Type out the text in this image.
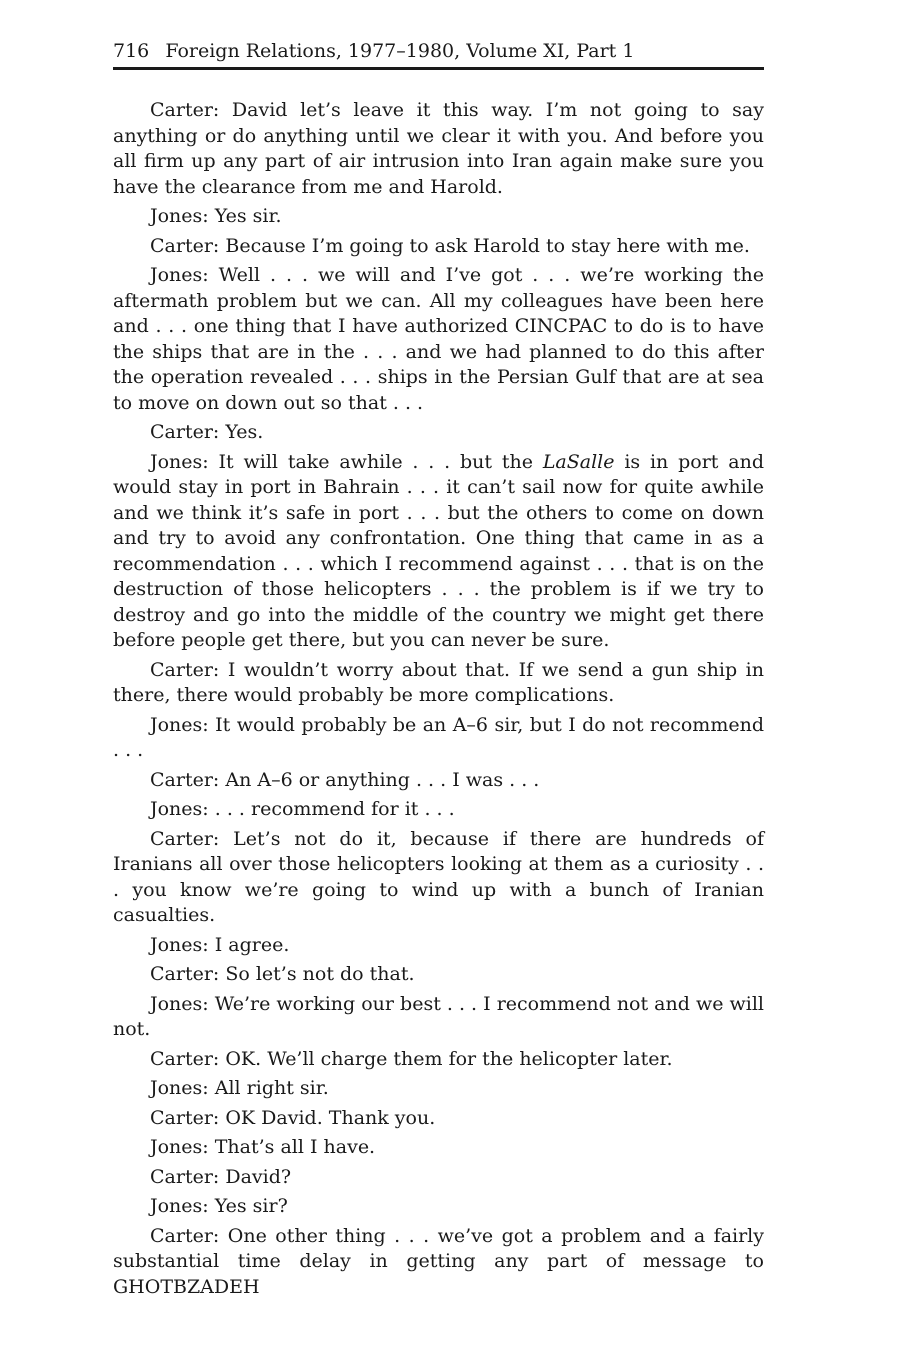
716 Foreign Relations, 1977–1980, Volume XI, Part 1

Carter: David let’s leave it this way. I’m not going to say anything or do anything until we clear it with you. And before you all firm up any part of air intrusion into Iran again make sure you have the clearance from me and Harold.

Jones: Yes sir.

Carter: Because I’m going to ask Harold to stay here with me.

Jones: Well . . . we will and I’ve got . . . we’re working the aftermath problem but we can. All my colleagues have been here and . . . one thing that I have authorized CINCPAC to do is to have the ships that are in the . . . and we had planned to do this after the operation revealed . . . ships in the Persian Gulf that are at sea to move on down out so that . . .

Carter: Yes.

Jones: It will take awhile . . . but the LaSalle is in port and would stay in port in Bahrain . . . it can’t sail now for quite awhile and we think it’s safe in port . . . but the others to come on down and try to avoid any confrontation. One thing that came in as a recommendation . . . which I recommend against . . . that is on the destruction of those helicopters . . . the problem is if we try to destroy and go into the middle of the country we might get there before people get there, but you can never be sure.

Carter: I wouldn’t worry about that. If we send a gun ship in there, there would probably be more complications.

Jones: It would probably be an A–6 sir, but I do not recommend . . .

Carter: An A–6 or anything . . . I was . . .

Jones: . . . recommend for it . . .

Carter: Let’s not do it, because if there are hundreds of Iranians all over those helicopters looking at them as a curiosity . . . you know we’re going to wind up with a bunch of Iranian casualties.

Jones: I agree.

Carter: So let’s not do that.

Jones: We’re working our best . . . I recommend not and we will not.

Carter: OK. We’ll charge them for the helicopter later.

Jones: All right sir.

Carter: OK David. Thank you.

Jones: That’s all I have.

Carter: David?

Jones: Yes sir?

Carter: One other thing . . . we’ve got a problem and a fairly substantial time delay in getting any part of message to GHOTBZADEH
